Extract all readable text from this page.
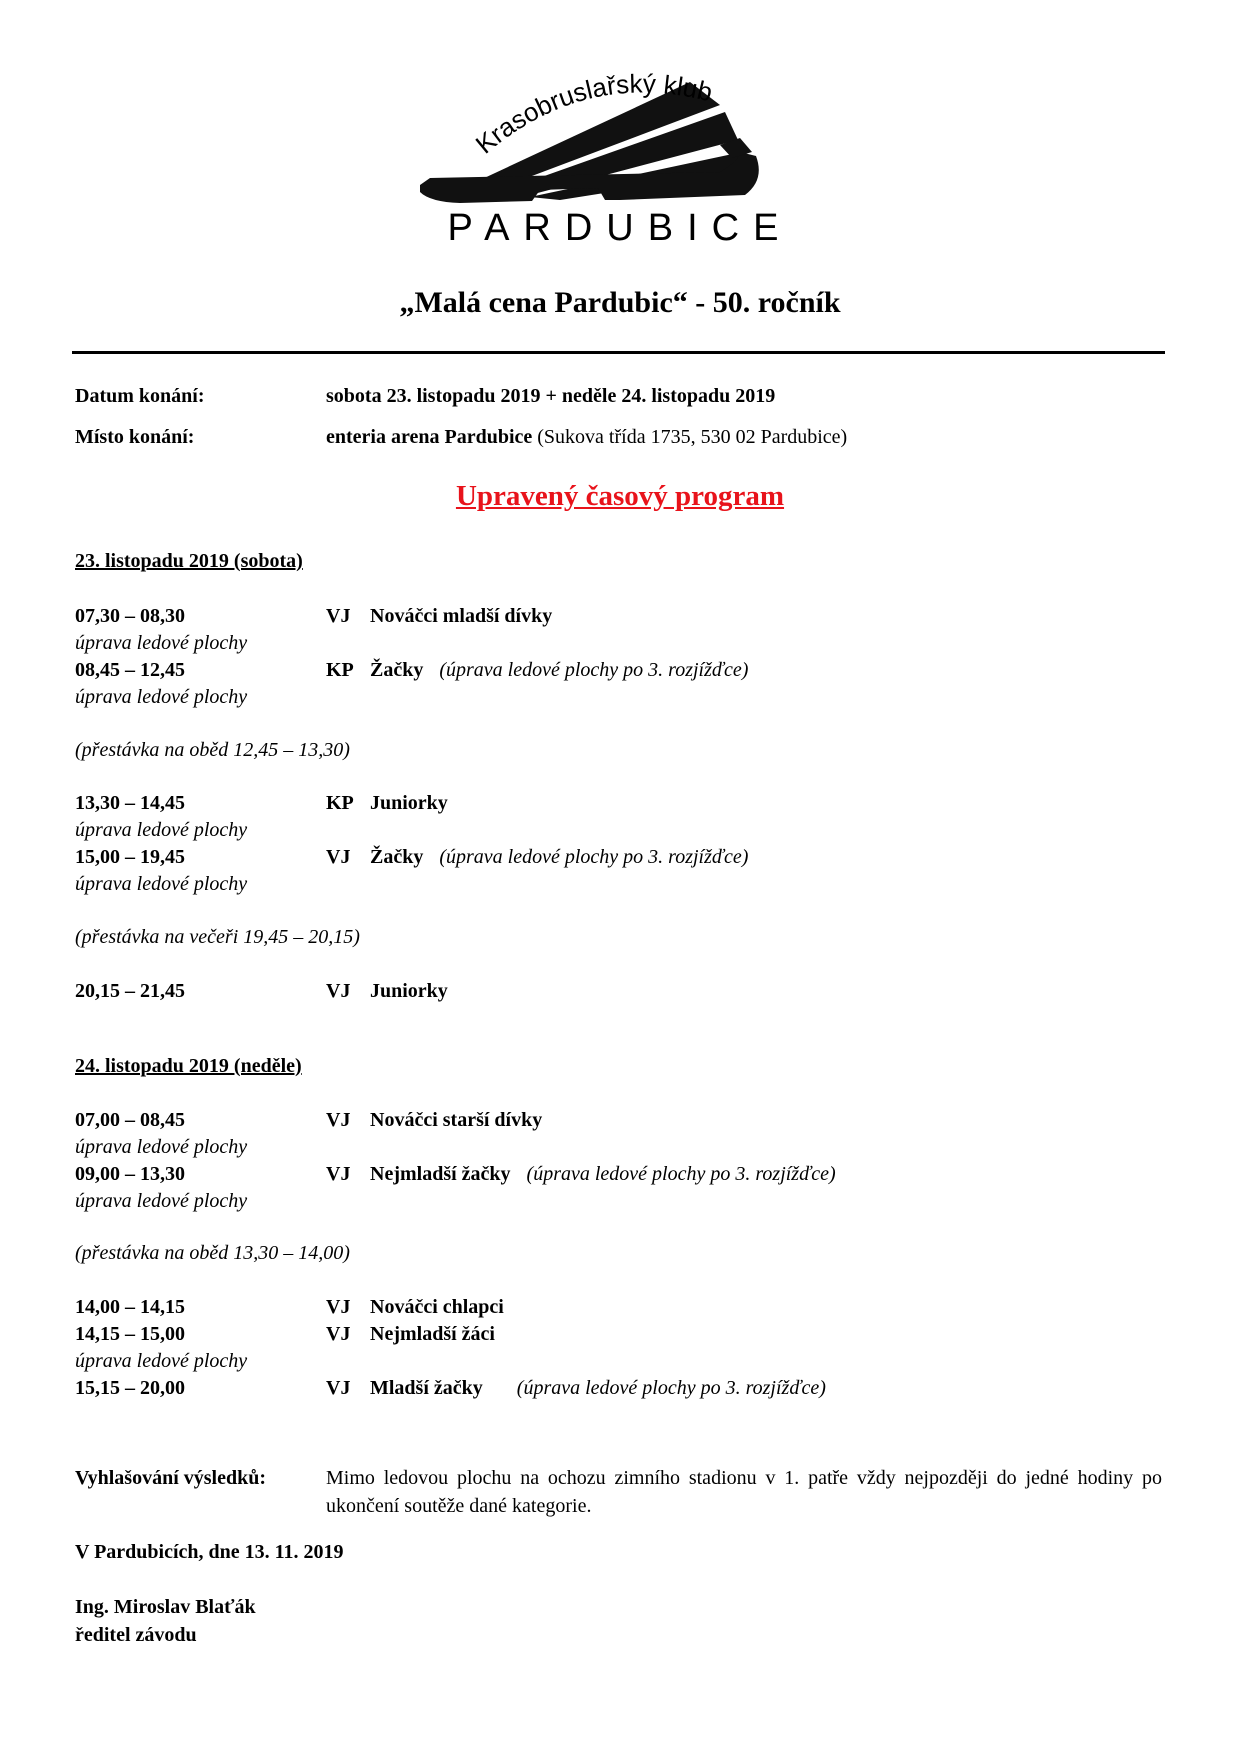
Krasobruslařský klub
PARDUBICE
„Malá cena Pardubic“ - 50. ročník
Datum konání:	sobota 23. listopadu 2019 + neděle 24. listopadu 2019
Místo konání:	enteria arena Pardubice (Sukova třída 1735, 530 02 Pardubice)
Upravený časový program
23. listopadu 2019 (sobota)
07,30 – 08,30	VJ Nováčci mladší dívky
úprava ledové plochy
08,45 – 12,45	KP Žačky (úprava ledové plochy po 3. rozjížďce)
úprava ledové plochy
(přestávka na oběd 12,45 – 13,30)
13,30 – 14,45	KP Juniorky
úprava ledové plochy
15,00 – 19,45	VJ Žačky (úprava ledové plochy po 3. rozjížďce)
úprava ledové plochy
(přestávka na večeři 19,45 – 20,15)
20,15 – 21,45	VJ Juniorky
24. listopadu 2019 (neděle)
07,00 – 08,45	VJ Nováčci starší dívky
úprava ledové plochy
09,00 – 13,30	VJ Nejmladší žačky (úprava ledové plochy po 3. rozjížďce)
úprava ledové plochy
(přestávka na oběd 13,30 – 14,00)
14,00 – 14,15	VJ Nováčci chlapci
14,15 – 15,00	VJ Nejmladší žáci
úprava ledové plochy
15,15 – 20,00	VJ Mladší žačky (úprava ledové plochy po 3. rozjížďce)
Vyhlašování výsledků:	Mimo ledovou plochu na ochozu zimního stadionu v 1. patře vždy nejpozději do jedné hodiny po ukončení soutěže dané kategorie.
V Pardubicích, dne 13. 11. 2019
Ing. Miroslav Blaťák
ředitel závodu
